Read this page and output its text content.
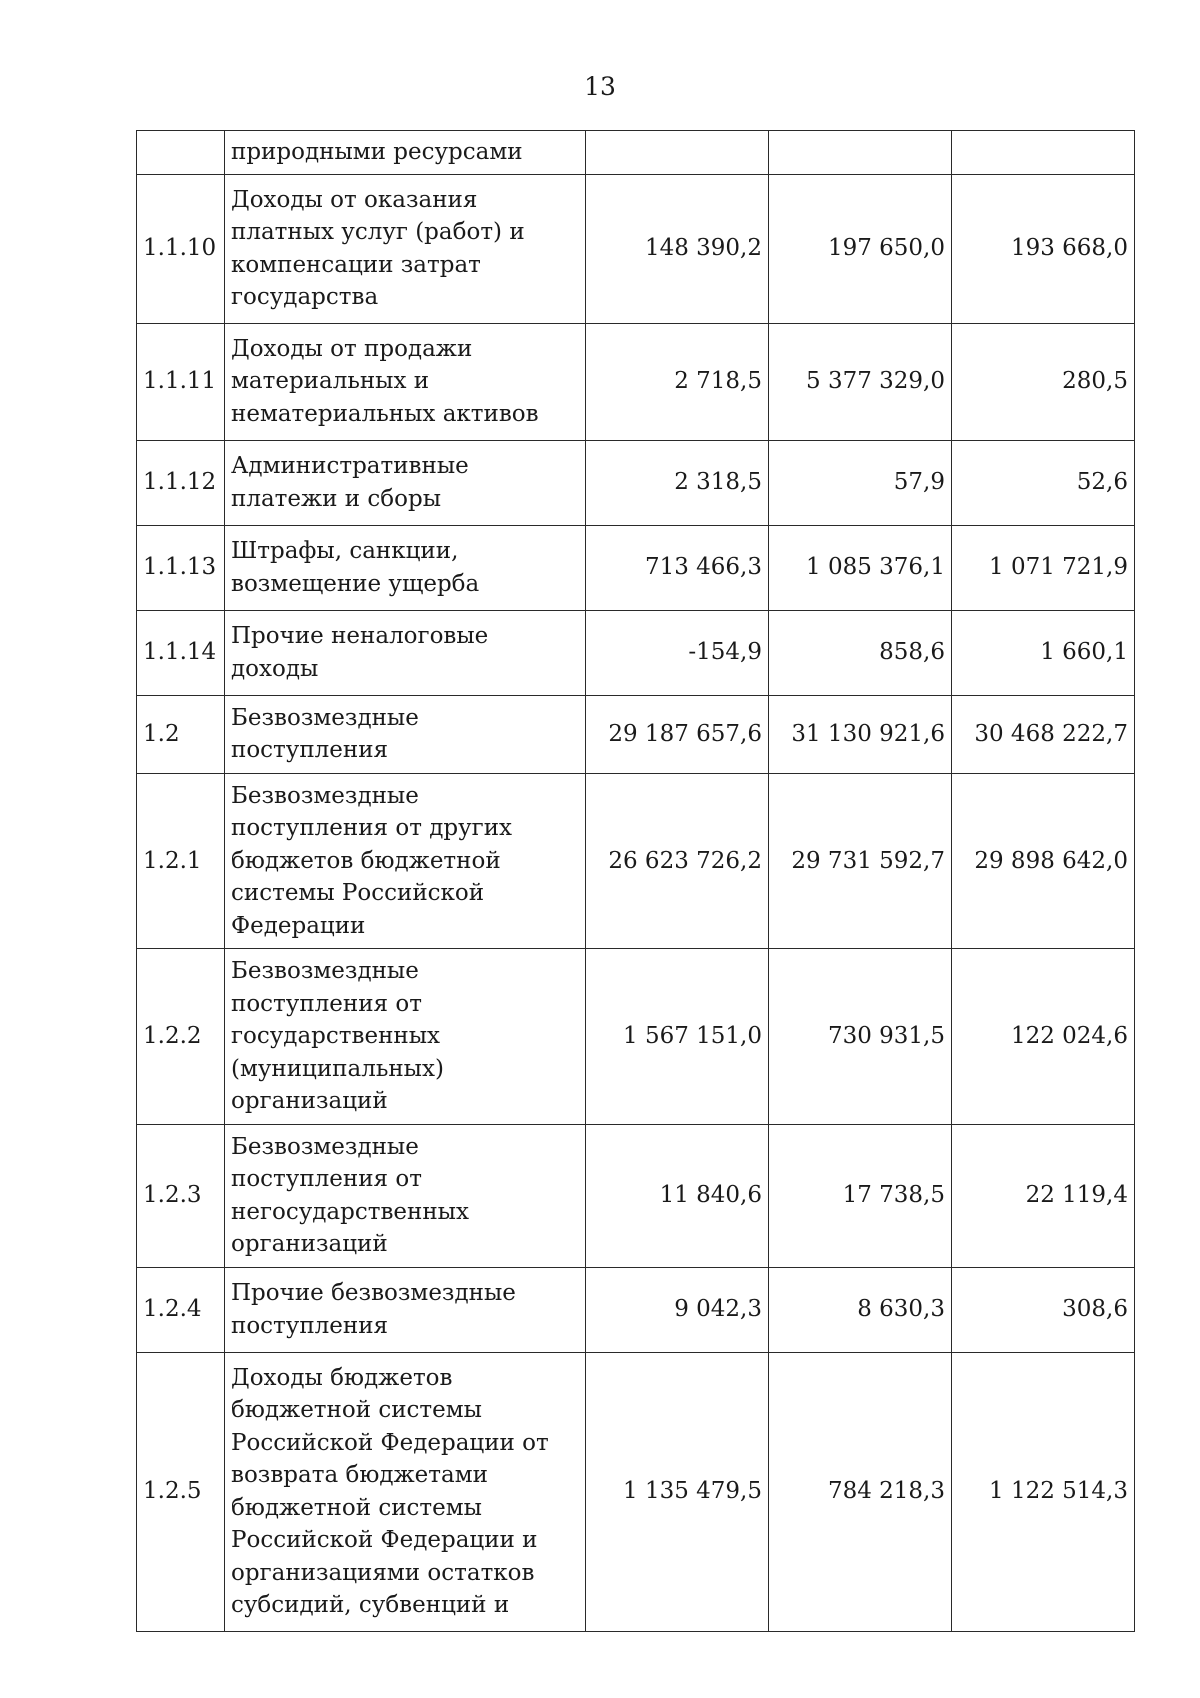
13
	природными ресурсами			
1.1.10	Доходы от оказания платных услуг (работ) и компенсации затрат государства	148 390,2	197 650,0	193 668,0
1.1.11	Доходы от продажи материальных и нематериальных активов	2 718,5	5 377 329,0	280,5
1.1.12	Административные платежи и сборы	2 318,5	57,9	52,6
1.1.13	Штрафы, санкции, возмещение ущерба	713 466,3	1 085 376,1	1 071 721,9
1.1.14	Прочие неналоговые доходы	-154,9	858,6	1 660,1
1.2	Безвозмездные поступления	29 187 657,6	31 130 921,6	30 468 222,7
1.2.1	Безвозмездные поступления от других бюджетов бюджетной системы Российской Федерации	26 623 726,2	29 731 592,7	29 898 642,0
1.2.2	Безвозмездные поступления от государственных (муниципальных) организаций	1 567 151,0	730 931,5	122 024,6
1.2.3	Безвозмездные поступления от негосударственных организаций	11 840,6	17 738,5	22 119,4
1.2.4	Прочие безвозмездные поступления	9 042,3	8 630,3	308,6
1.2.5	Доходы бюджетов бюджетной системы Российской Федерации от возврата бюджетами бюджетной системы Российской Федерации и организациями остатков субсидий, субвенций и	1 135 479,5	784 218,3	1 122 514,3
